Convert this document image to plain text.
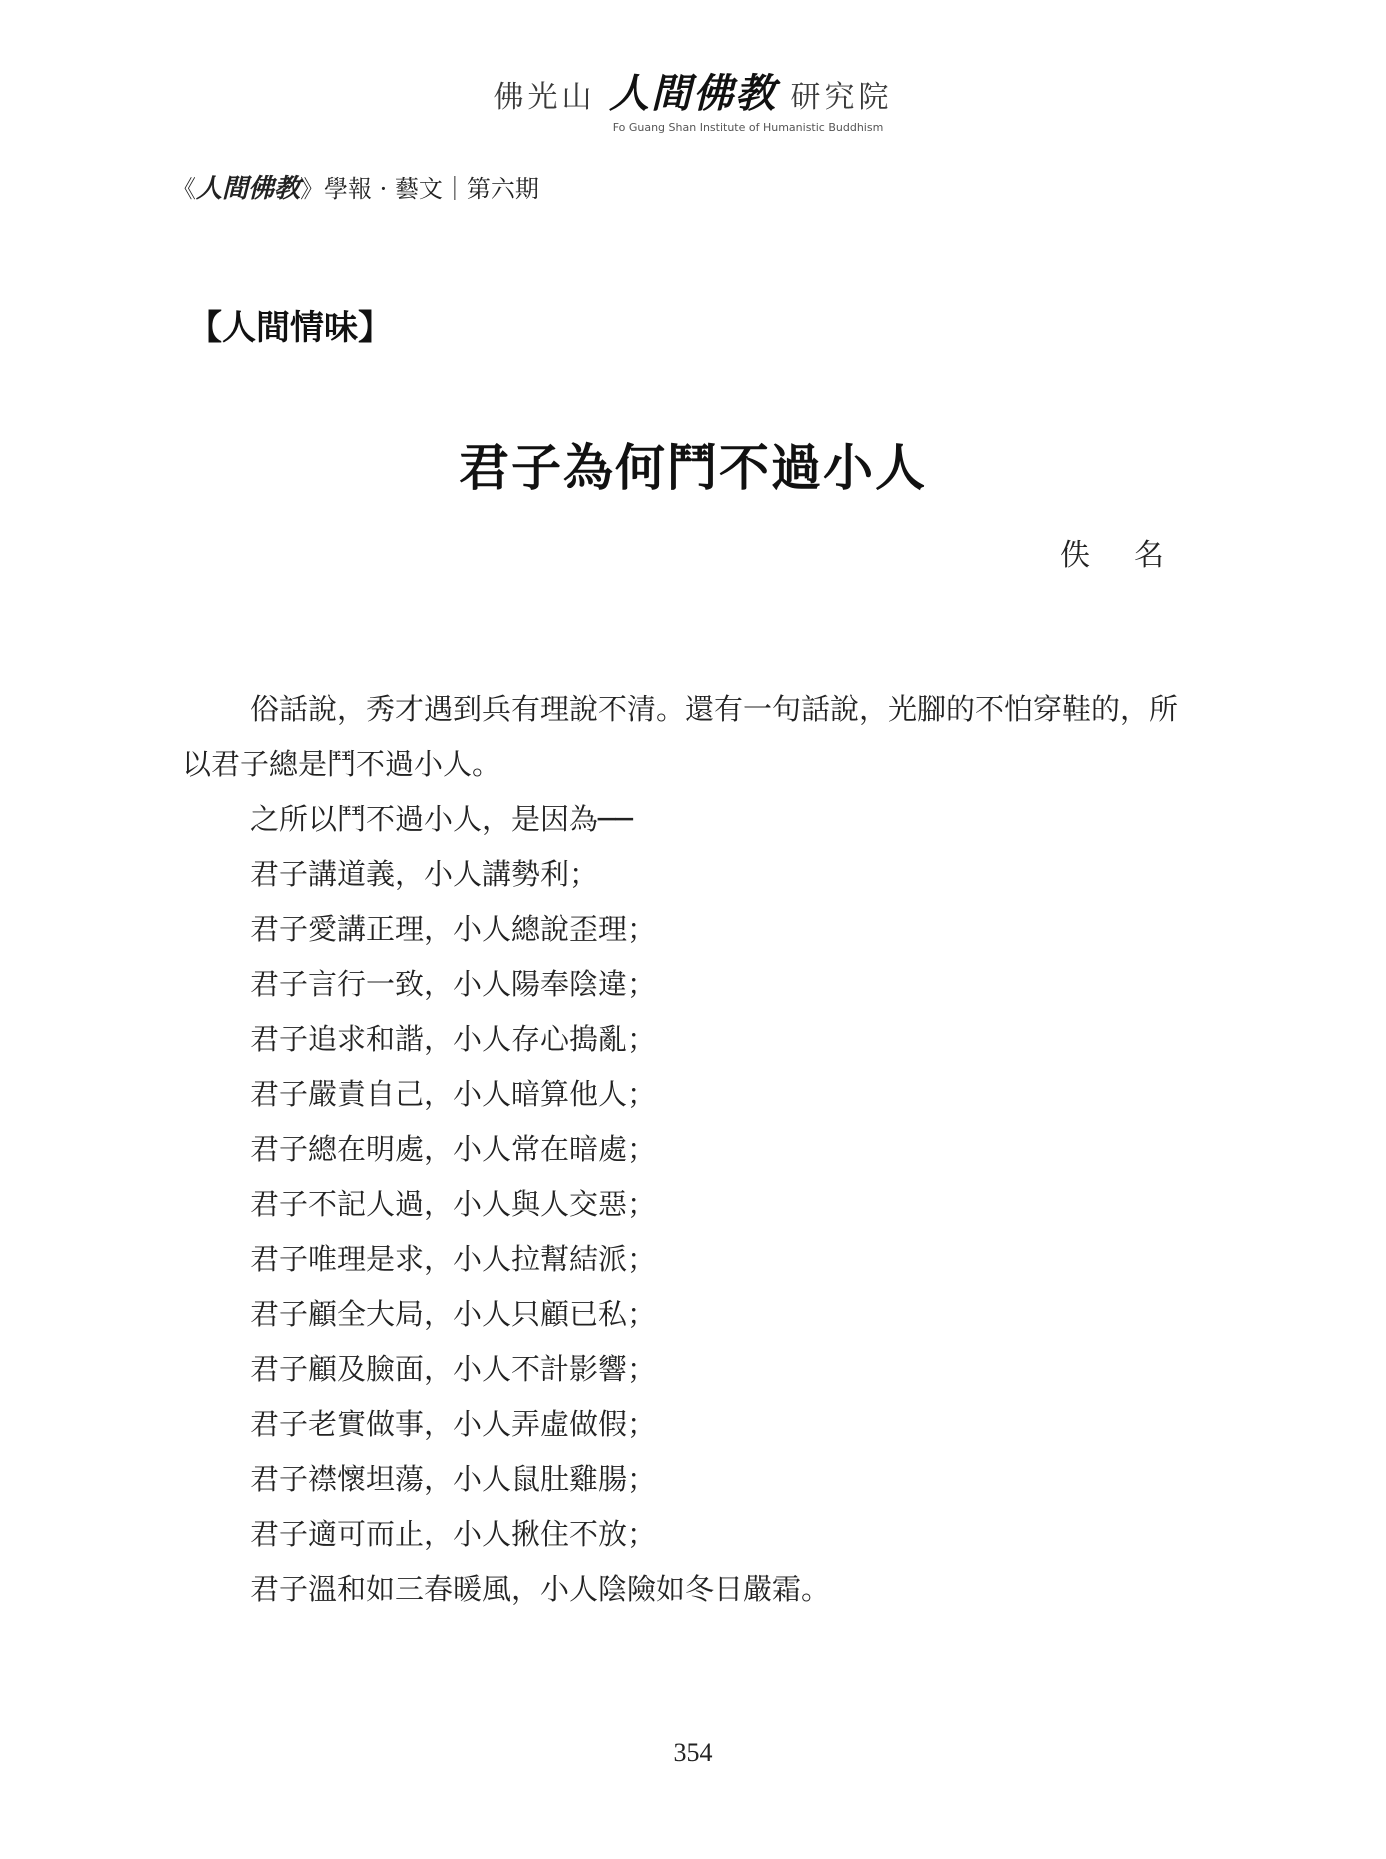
佛光山 人間佛教 研究院
Fo Guang Shan Institute of Humanistic Buddhism
《人間佛教》學報 · 藝文｜第六期
【人間情味】
君子為何鬥不過小人
佚 名
俗話說，秀才遇到兵有理說不清。還有一句話說，光腳的不怕穿鞋的，所以君子總是鬥不過小人。
之所以鬥不過小人，是因為──
君子講道義，小人講勢利；
君子愛講正理，小人總說歪理；
君子言行一致，小人陽奉陰違；
君子追求和諧，小人存心搗亂；
君子嚴責自己，小人暗算他人；
君子總在明處，小人常在暗處；
君子不記人過，小人與人交惡；
君子唯理是求，小人拉幫結派；
君子顧全大局，小人只顧已私；
君子顧及臉面，小人不計影響；
君子老實做事，小人弄虛做假；
君子襟懷坦蕩，小人鼠肚雞腸；
君子適可而止，小人揪住不放；
君子溫和如三春暖風，小人陰險如冬日嚴霜。
354
